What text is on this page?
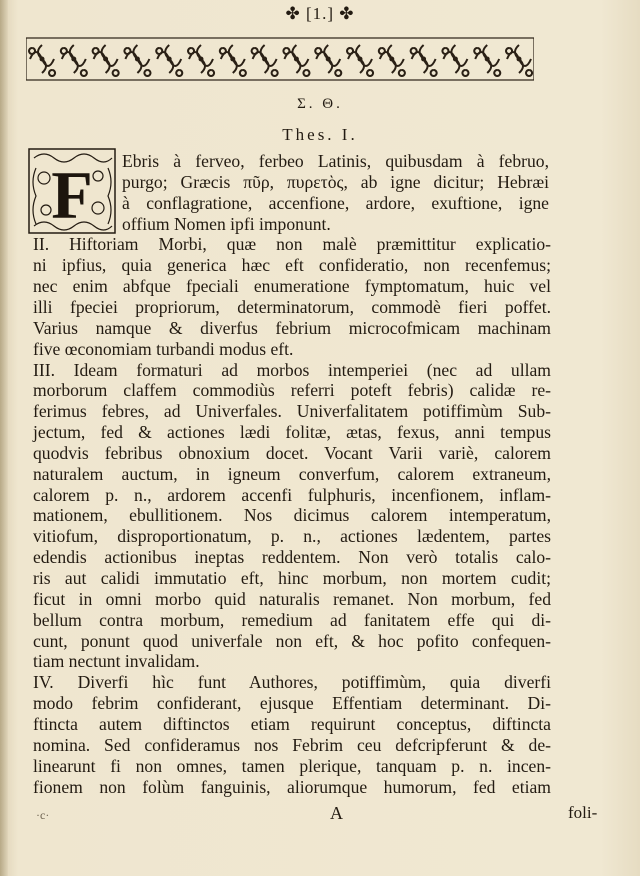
✤ [1.] ✤
Σ. Θ.
Thes. I.
F Ebris à ferveo, ferbeo Latinis, quibusdam à februo,
purgo; Græcis πῦρ, πυρετὸς, ab igne dicitur; Hebræi
à conflagratione, accenfione, ardore, exuftione, igne
offium Nomen ipfi imponunt.
II. Hiftoriam Morbi, quæ non malè præmittitur explicatio-
ni ipfius, quia generica hæc eft confideratio, non recenfemus;
nec enim abfque fpeciali enumeratione fymptomatum, huic vel
illi fpeciei propriorum, determinatorum, commodè fieri poffet.
Varius namque & diverfus febrium microcofmicam machinam
five œconomiam turbandi modus eft.
III. Ideam formaturi ad morbos intemperiei (nec ad ullam
morborum claffem commodiùs referri poteft febris) calidæ re-
ferimus febres, ad Univerfales. Univerfalitatem potiffimùm Sub-
jectum, fed & actiones lædi folitæ, ætas, fexus, anni tempus
quodvis febribus obnoxium docet. Vocant Varii variè, calorem
naturalem auctum, in igneum converfum, calorem extraneum,
calorem p. n., ardorem accenfi fulphuris, incenfionem, inflam-
mationem, ebullitionem. Nos dicimus calorem intemperatum,
vitiofum, disproportionatum, p. n., actiones lædentem, partes
edendis actionibus ineptas reddentem. Non verò totalis calo-
ris aut calidi immutatio eft, hinc morbum, non mortem cudit;
ficut in omni morbo quid naturalis remanet. Non morbum, fed
bellum contra morbum, remedium ad fanitatem effe qui di-
cunt, ponunt quod univerfale non eft, & hoc pofito confequen-
tiam nectunt invalidam.
IV. Diverfi hìc funt Authores, potiffimùm, quia diverfi
modo febrim confiderant, ejusque Effentiam determinant. Di-
ftincta autem diftinctos etiam requirunt conceptus, diftincta
nomina. Sed confideramus nos Febrim ceu defcripferunt & de-
linearunt fi non omnes, tamen plerique, tanquam p. n. incen-
fionem non folùm fanguinis, aliorumque humorum, fed etiam
·c·	A	foli-
